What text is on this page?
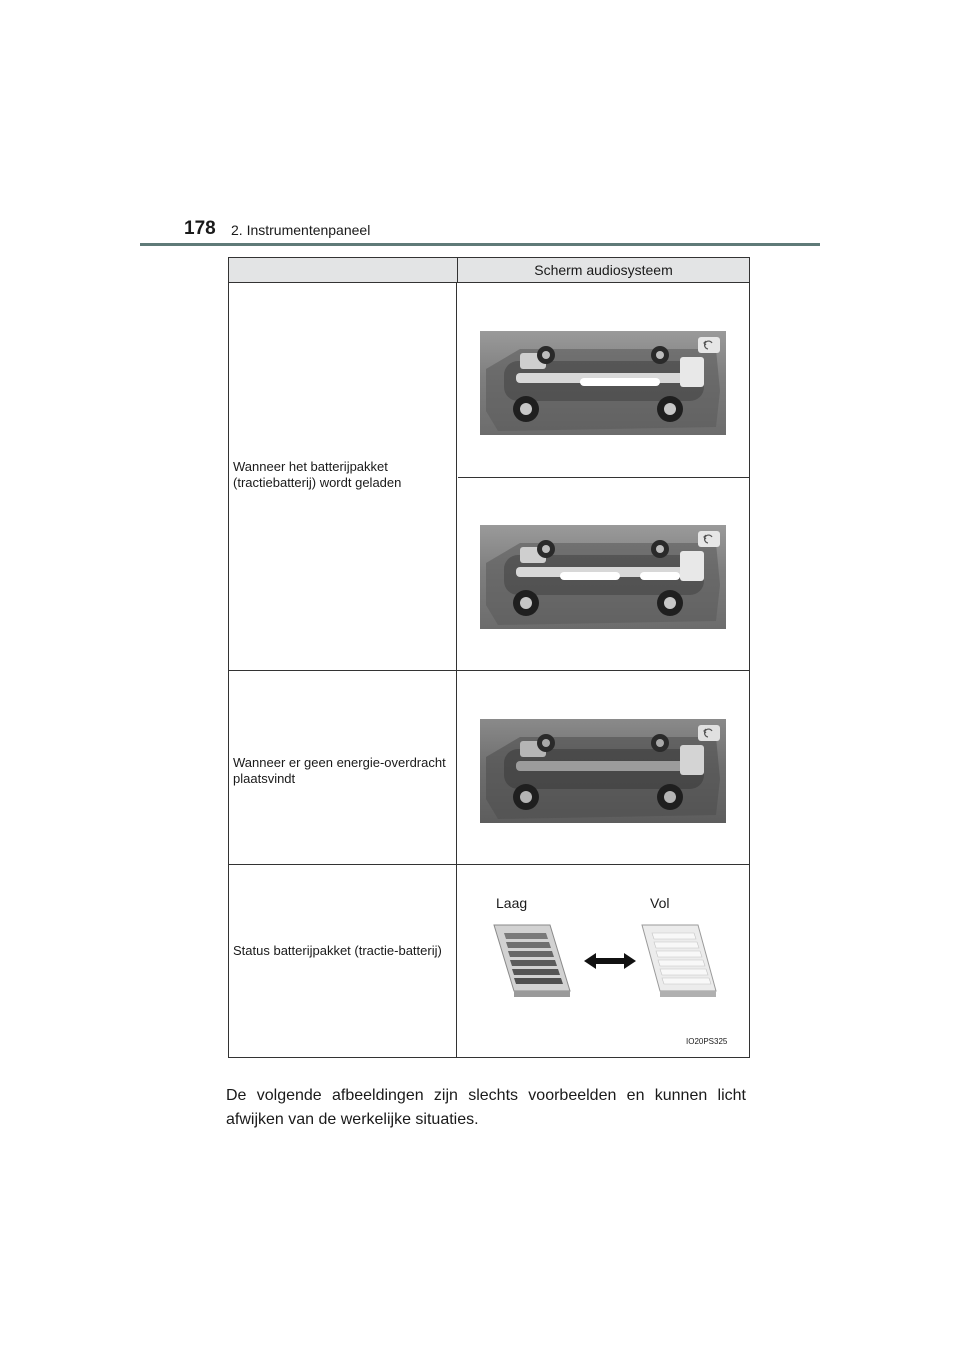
178 2. Instrumentenpaneel
Scherm audiosysteem
Wanneer het batterijpakket (tractiebatterij) wordt geladen
Wanneer er geen energie-overdracht plaatsvindt
Status batterijpakket (tractie-batterij)
Laag	Vol
IO20PS325

De volgende afbeeldingen zijn slechts voorbeelden en kunnen licht afwijken van de werkelijke situaties.
